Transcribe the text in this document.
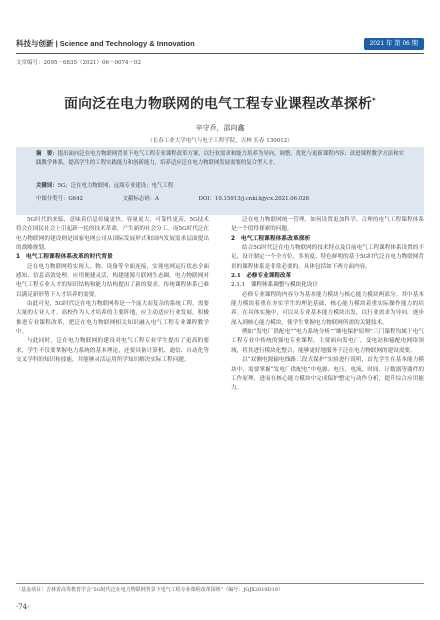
科技与创新 | Science and Technology & Innovation	2021 年 第 06 期
文章编号：2095－6835（2021）06－0074－02
面向泛在电力物联网的电气工程专业课程改革探析*
辛守乔，邵向鑫
（长春工业大学电气与电子工程学院，吉林 长春 130012）
摘　要：提出面向泛在电力物联网背景下电气工程专业课程改革方案，以行业需求和能力培养为导向，调整、优化与更新课程内容；改进课程教学方法和实践教学体系，提高学生的工程实践能力和创新能力，培养适应泛在电力物联网发展需要的复合型人才。
关键词：5G；泛在电力物联网；远端专业建设；电气工程
中图分类号：G642	文献标志码：A	DOI：10.15913/j.cnki.kjycx.2021.06.026

5G时代的来临，意味着信息传输更快、容量更大、可靠性更高。5G技术将会在国民社会上引起新一轮的技术革命，产生新的社会分工。而5G时代泛在电力物联网的建设则是国家电网公司从国际发展形式和国内发展需求层面提出的战略规划。

1　电气工程课程体系改革的时代背景

泛在电力物联网将实现人、物、设备等全面连接，实现电网运行状态全面感知、信息高效处理、应用便捷灵活，构建能源互联网生态圈。电力物联网对电气工程专业人才的知识结构和能力结构提出了新的要求，传统课程体系已难以满足新形势下人才培养的需要。

由此可见，5G时代泛在电力物联网将是一个庞大而复杂的系统工程，需要大量的专业人才。高校作为人才培养的主要阵地，应主动适应行业发展，积极推进专业课程改革，把泛在电力物联网相关知识融入电气工程专业课程教学中。

与此同时，泛在电力物联网的建设对电气工程专业学生提出了更高的要求，学生不仅要掌握电力系统的基本理论，还要具备计算机、通信、自动化等交叉学科的知识和技能，并能够灵活运用所学知识解决实际工程问题。

泛在电力物联网统一管理，如何设置更加科学、合理的电气工程课程体系是一个值得探索的问题。

2　电气工程课程体系改革探析

结合5G时代泛在电力物联网的技术特点及目前电气工程课程体系设置的不足，设计制定一个全方位、多角度、特色鲜明的基于5G时代泛在电力物联网背景的课程体系是非常必要的，具体包括如下两方面内容。

2.1　必修专业课程改革
2.1.1　课程体系调整与模块化设计

必修专业课程的内容分为基本能力模块与核心能力模块两部分。其中基本能力模块着重在夯实学生的理论基础，核心能力模块着重实际操作能力的培养。在具体实施中，可以从专业基本能力模块出发，以行业需求为导向，逐步深入到核心能力模块，使学生掌握电力物联网所需的关键技术。

例如“发电厂供配电”“电力系统分析”“继电保护原理”三门课程均属于电气工程专业中传统的强电专业课程，主要面向发电厂、变电站和输配电网络领域，将其进行模块化整合，能够更好地服务于泛在电力物联网的建设需要。

以“双侧电源输电线路三段式保护”实验进行说明，首先学生在基本能力模块中，需要掌握“发电厂供配电”中电源、电压、电流、时间、计数器等器件的工作原理，进而在核心能力模块中完成保护整定与动作分析，提升综合应用能力。

〔基金项目〕吉林省高等教育学会“5G时代泛在电力物联网背景下电气工程专业课程改革探析”（编号：JGJX2019D19）
·74·
